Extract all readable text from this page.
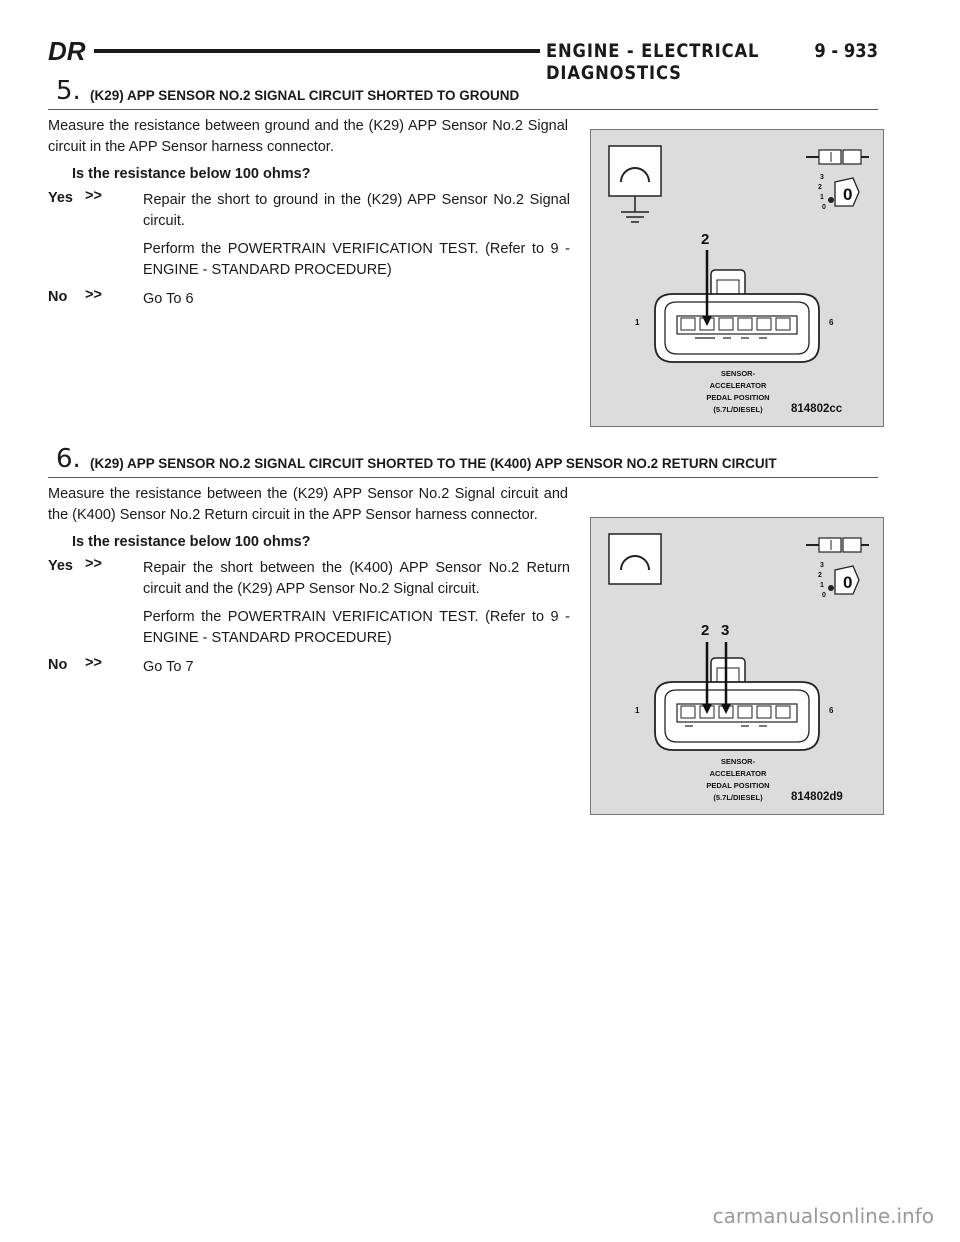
DR	ENGINE - ELECTRICAL DIAGNOSTICS
9 - 933
5. (K29) APP SENSOR NO.2 SIGNAL CIRCUIT SHORTED TO GROUND
Measure the resistance between ground and the (K29) APP Sensor No.2 Signal circuit in the APP Sensor harness connector.
Is the resistance below 100 ohms?
Yes >>	Repair the short to ground in the (K29) APP Sensor No.2 Signal circuit.

Perform the POWERTRAIN VERIFICATION TEST. (Refer to 9 - ENGINE - STANDARD PROCEDURE)

No >>	Go To 6

3
2
1
0
0
2
1	6
SENSOR-
ACCELERATOR
PEDAL POSITION
(5.7L/DIESEL)	814802cc
6. (K29) APP SENSOR NO.2 SIGNAL CIRCUIT SHORTED TO THE (K400) APP SENSOR NO.2 RETURN CIRCUIT
Measure the resistance between the (K29) APP Sensor No.2 Signal circuit and the (K400) Sensor No.2 Return circuit in the APP Sensor harness connector.
Is the resistance below 100 ohms?
Yes >>	Repair the short between the (K400) APP Sensor No.2 Return circuit and the (K29) APP Sensor No.2 Signal circuit.

Perform the POWERTRAIN VERIFICATION TEST. (Refer to 9 - ENGINE - STANDARD PROCEDURE)

No >>	Go To 7

3
2
1
0
0
2 3
1	6
SENSOR-
ACCELERATOR
PEDAL POSITION
(5.7L/DIESEL)	814802d9
carmanualsonline.info
